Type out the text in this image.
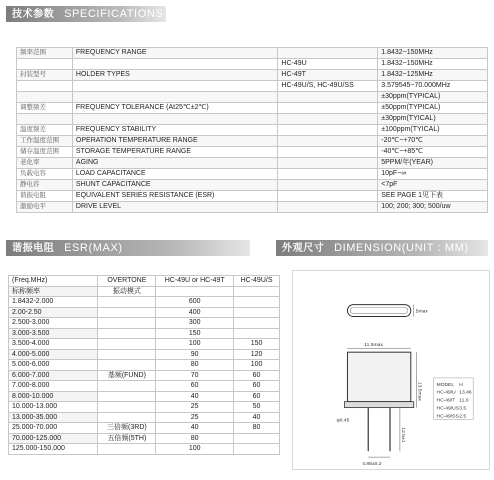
技术参数 SPECIFICATIONS
频率范围	FREQUENCY RANGE		1.8432~150MHz
		HC-49U	1.8432~150MHz
封装型号	HOLDER TYPES	HC-49T	1.8432~125MHz
		HC-49U/S, HC-49U/SS	3.579545~70.000MHz
			±30ppm(TYPICAL)
调整频差	FREQUENCY TOLERANCE (At25℃±2℃)		±50ppm(TYPICAL)
			±30ppm(TYICAL)
温度频差	FREQUENCY STABILITY		±100ppm(TYICAL)
工作温度范围	OPERATION TEMPERATURE RANGE		-20℃~+70℃
储存温度范围	STORAGE TEMPERATURE RANGE		-40℃~+85℃
老化率	AGING		5PPM/年(YEAR)
负载电容	LOAD CAPACITANCE		10pF~∞
静电容	SHUNT CAPACITANCE		<7pF
谐振电阻	EQUIVALENT SERIES RESISTANCE (ESR)		SEE PAGE 1见下表
激励电平	DRIVE LEVEL		100; 200; 300; 500/uw
谐振电阻 ESR(MAX)
(Freq.MHz)	OVERTONE	HC-49U or HC-49T	HC-49U/S
标称频率	振动模式		
1.8432-2.000		600	
2.00-2.50		400	
2.500-3.000		300	
3.000-3.500		150	
3.500-4.000		100	150
4.000-5.000		90	120
5.000-6.000		80	100
6.000-7.000	基频(FUND)	70	60
7.000-8.000		60	60
8.000-10.000		40	60
10.000-13.000		25	50
13.000-35.000		25	40
25.000-70.000	三倍频(3RD)	40	80
70.000-125.000	五倍频(5TH)	80	
125.000-150.000		100	
外观尺寸 DIMENSION(UNIT : MM)
5max
11.5max
13.5max
12.5±1
φ0.45
4.88±0.2
MODEL H
HC-49/U 13.46
HC-49/T 11.0
HC-49/US 3.5
HC-49/SS 2.5
